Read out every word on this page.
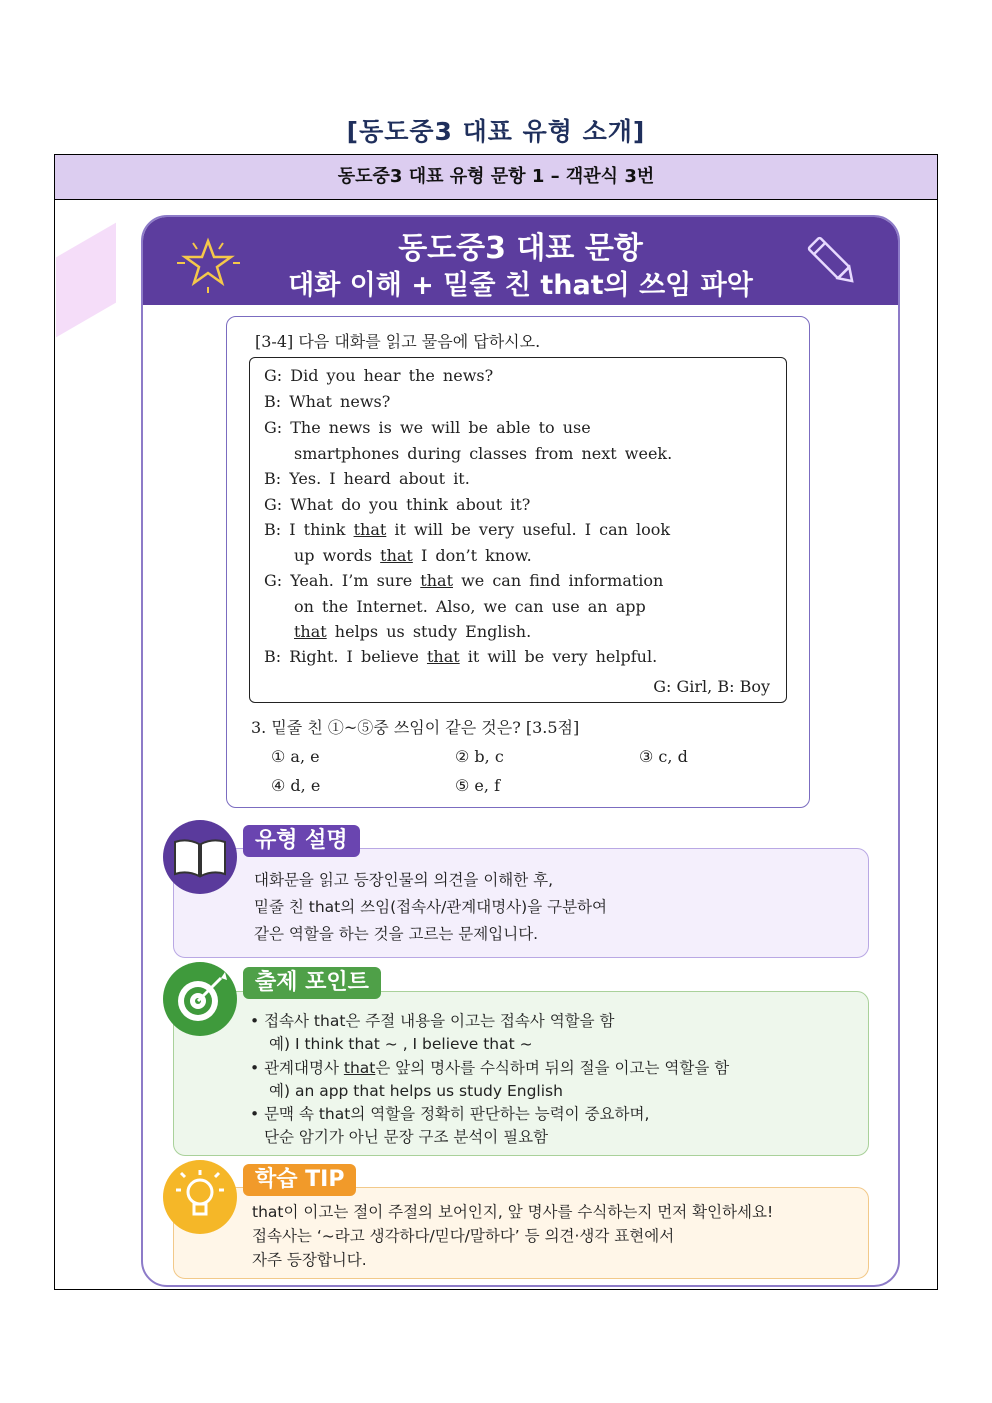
[동도중3 대표 유형 소개]
동도중3 대표 유형 문항 1 – 객관식 3번
동도중3 대표 문항
대화 이해 + 밑줄 친 that의 쓰임 파악
[3-4] 다음 대화를 읽고 물음에 답하시오.
G: Did you hear the news?
B: What news?
G: The news is we will be able to use
smartphones during classes from next week.
B: Yes. I heard about it.
G: What do you think about it?
B: I think that it will be very useful. I can look
up words that I don’t know.
G: Yeah. I’m sure that we can find information
on the Internet. Also, we can use an app
that helps us study English.
B: Right. I believe that it will be very helpful.
G: Girl, B: Boy
3. 밑줄 친 ①~⑤중 쓰임이 같은 것은? [3.5점]
① a, e	② b, c	③ c, d
④ d, e	⑤ e, f
대화문을 읽고 등장인물의 의견을 이해한 후,
밑줄 친 that의 쓰임(접속사/관계대명사)을 구분하여
같은 역할을 하는 것을 고르는 문제입니다.
유형 설명
• 접속사 that은 주절 내용을 이고는 접속사 역할을 함
예) I think that ~ , I believe that ~
• 관계대명사 that은 앞의 명사를 수식하며 뒤의 절을 이고는 역할을 함
예) an app that helps us study English
• 문맥 속 that의 역할을 정확히 판단하는 능력이 중요하며,
단순 암기가 아닌 문장 구조 분석이 필요함
출제 포인트
that이 이고는 절이 주절의 보어인지, 앞 명사를 수식하는지 먼저 확인하세요!
접속사는 ‘~라고 생각하다/믿다/말하다’ 등 의견·생각 표현에서
자주 등장합니다.
학습 TIP
